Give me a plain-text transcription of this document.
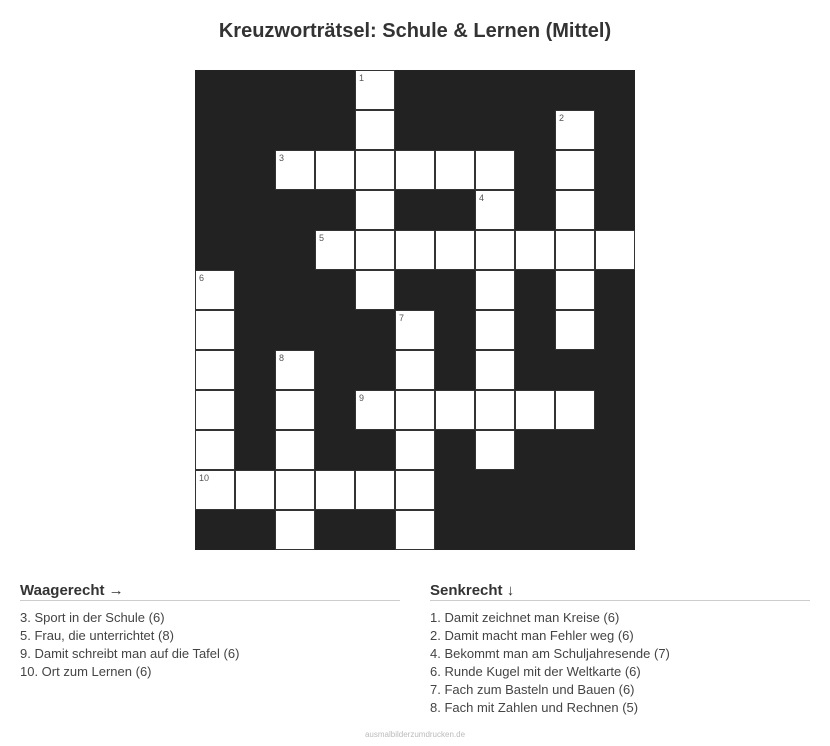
Kreuzworträtsel: Schule & Lernen (Mittel)
1
2
3
4
5
6
7
8
9
10
Waagerecht →
3. Sport in der Schule (6)
5. Frau, die unterrichtet (8)
9. Damit schreibt man auf die Tafel (6)
10. Ort zum Lernen (6)
Senkrecht ↓
1. Damit zeichnet man Kreise (6)
2. Damit macht man Fehler weg (6)
4. Bekommt man am Schuljahresende (7)
6. Runde Kugel mit der Weltkarte (6)
7. Fach zum Basteln und Bauen (6)
8. Fach mit Zahlen und Rechnen (5)
ausmalbilderzumdrucken.de
